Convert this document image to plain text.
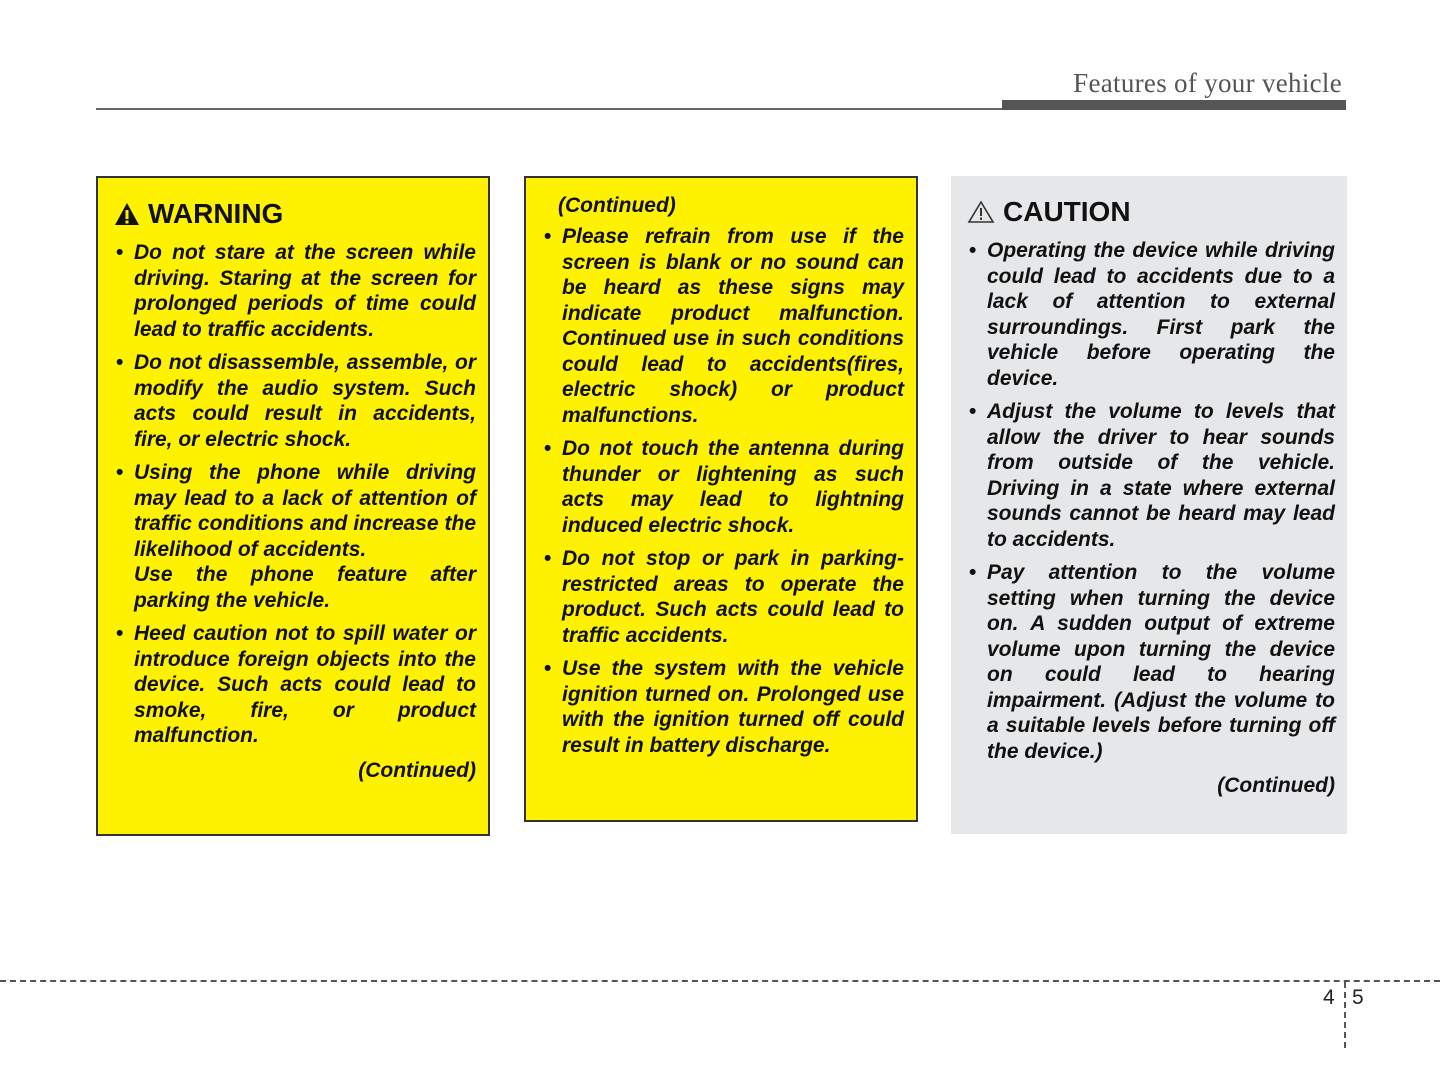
Features of your vehicle
WARNING
• Do not stare at the screen while driving. Staring at the screen for prolonged periods of time could lead to traffic accidents.
• Do not disassemble, assemble, or modify the audio system. Such acts could result in accidents, fire, or electric shock.
• Using the phone while driving may lead to a lack of attention of traffic conditions and increase the likelihood of accidents.
Use the phone feature after parking the vehicle.
• Heed caution not to spill water or introduce foreign objects into the device. Such acts could lead to smoke, fire, or product malfunction.
(Continued)
(Continued)
• Please refrain from use if the screen is blank or no sound can be heard as these signs may indicate product malfunction. Continued use in such conditions could lead to accidents(fires, electric shock) or product malfunctions.
• Do not touch the antenna during thunder or lightening as such acts may lead to lightning induced electric shock.
• Do not stop or park in parking-restricted areas to operate the product. Such acts could lead to traffic accidents.
• Use the system with the vehicle ignition turned on. Prolonged use with the ignition turned off could result in battery discharge.
CAUTION
• Operating the device while driving could lead to accidents due to a lack of attention to external surroundings. First park the vehicle before operating the device.
• Adjust the volume to levels that allow the driver to hear sounds from outside of the vehicle. Driving in a state where external sounds cannot be heard may lead to accidents.
• Pay attention to the volume setting when turning the device on. A sudden output of extreme volume upon turning the device on could lead to hearing impairment. (Adjust the volume to a suitable levels before turning off the device.)
(Continued)
4 5
